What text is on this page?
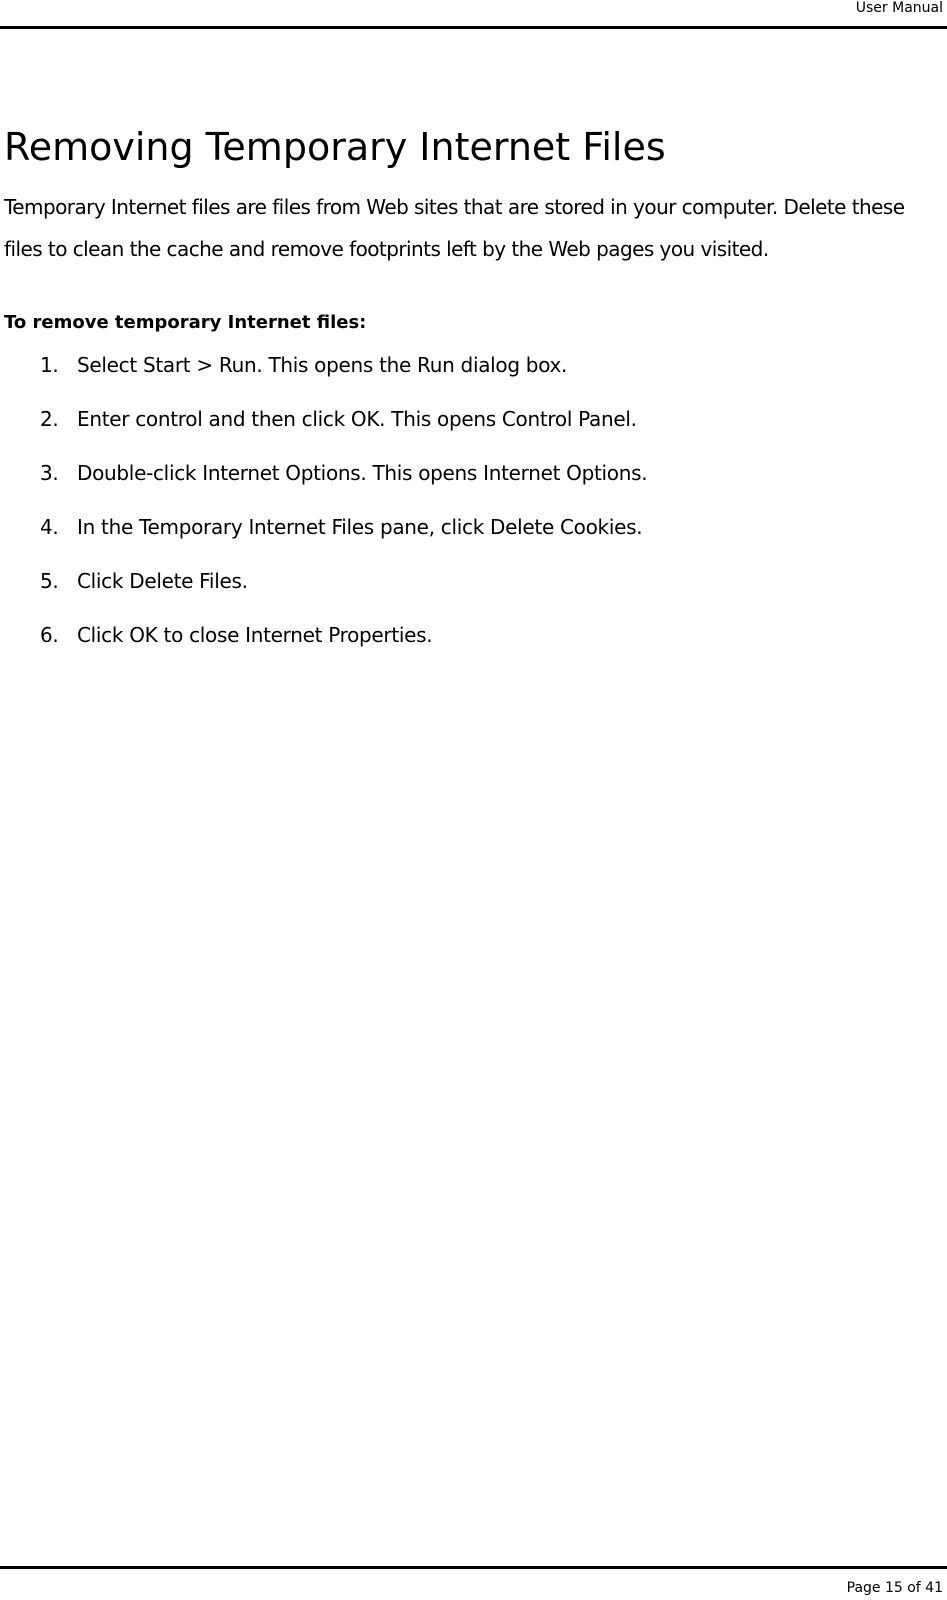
User Manual
Removing Temporary Internet Files

Temporary Internet files are files from Web sites that are stored in your computer. Delete these files to clean the cache and remove footprints left by the Web pages you visited.

To remove temporary Internet files:

1. Select Start > Run. This opens the Run dialog box.
2. Enter control and then click OK. This opens Control Panel.
3. Double-click Internet Options. This opens Internet Options.
4. In the Temporary Internet Files pane, click Delete Cookies.
5. Click Delete Files.
6. Click OK to close Internet Properties.
Page 15 of 41
